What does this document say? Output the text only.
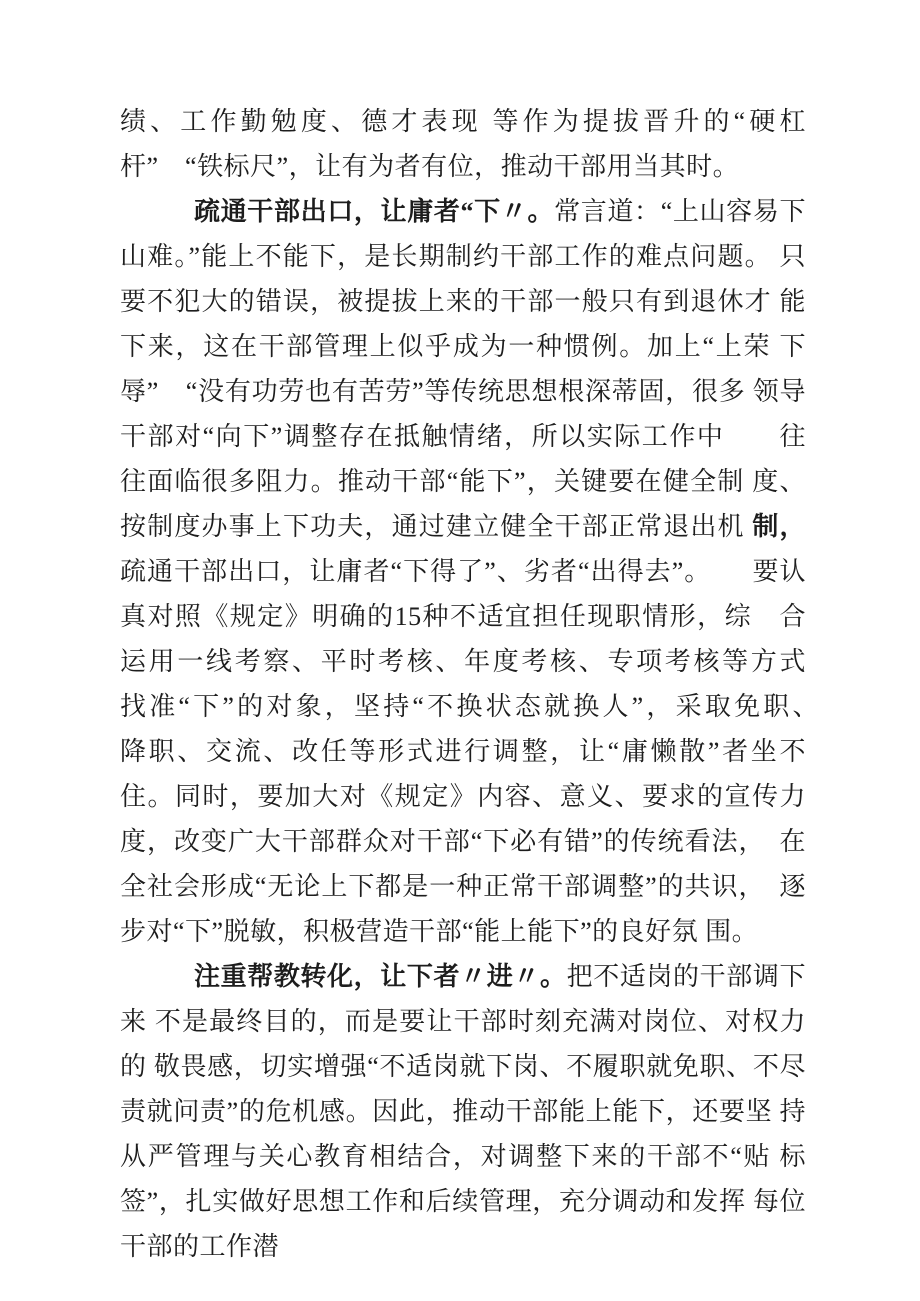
绩、工作勤勉度、德才表现 等作为提拔晋升的“硬杠杆”　“铁标尺”，让有为者有位，推动干部用当其时。

疏通干部出口，让庸者“下〃。常言道：“上山容易下　山难。”能上不能下，是长期制约干部工作的难点问题。 只要不犯大的错误，被提拔上来的干部一般只有到退休才 能下来，这在干部管理上似乎成为一种惯例。加上“上荣 下辱”　“没有功劳也有苦劳”等传统思想根深蒂固，很多 领导干部对“向下”调整存在抵触情绪，所以实际工作中　　往往面临很多阻力。推动干部“能下”，关键要在健全制 度、按制度办事上下功夫，通过建立健全干部正常退出机 制，疏通干部出口，让庸者“下得了”、劣者“出得去”。　　要认真对照《规定》明确的15种不适宜担任现职情形，综　合运用一线考察、平时考核、年度考核、专项考核等方式　找准“下”的对象，坚持“不换状态就换人”，采取免职、　　降职、交流、改任等形式进行调整，让“庸懒散”者坐不 住。同时，要加大对《规定》内容、意义、要求的宣传力 度，改变广大干部群众对干部“下必有错”的传统看法，　在全社会形成“无论上下都是一种正常干部调整”的共识，　逐步对“下”脱敏，积极营造干部“能上能下”的良好氛 围。

注重帮教转化，让下者〃进〃。把不适岗的干部调下来 不是最终目的，而是要让干部时刻充满对岗位、对权力的 敬畏感，切实增强“不适岗就下岗、不履职就免职、不尽 责就问责”的危机感。因此，推动干部能上能下，还要坚 持从严管理与关心教育相结合，对调整下来的干部不“贴 标签”，扎实做好思想工作和后续管理，充分调动和发挥 每位干部的工作潜
